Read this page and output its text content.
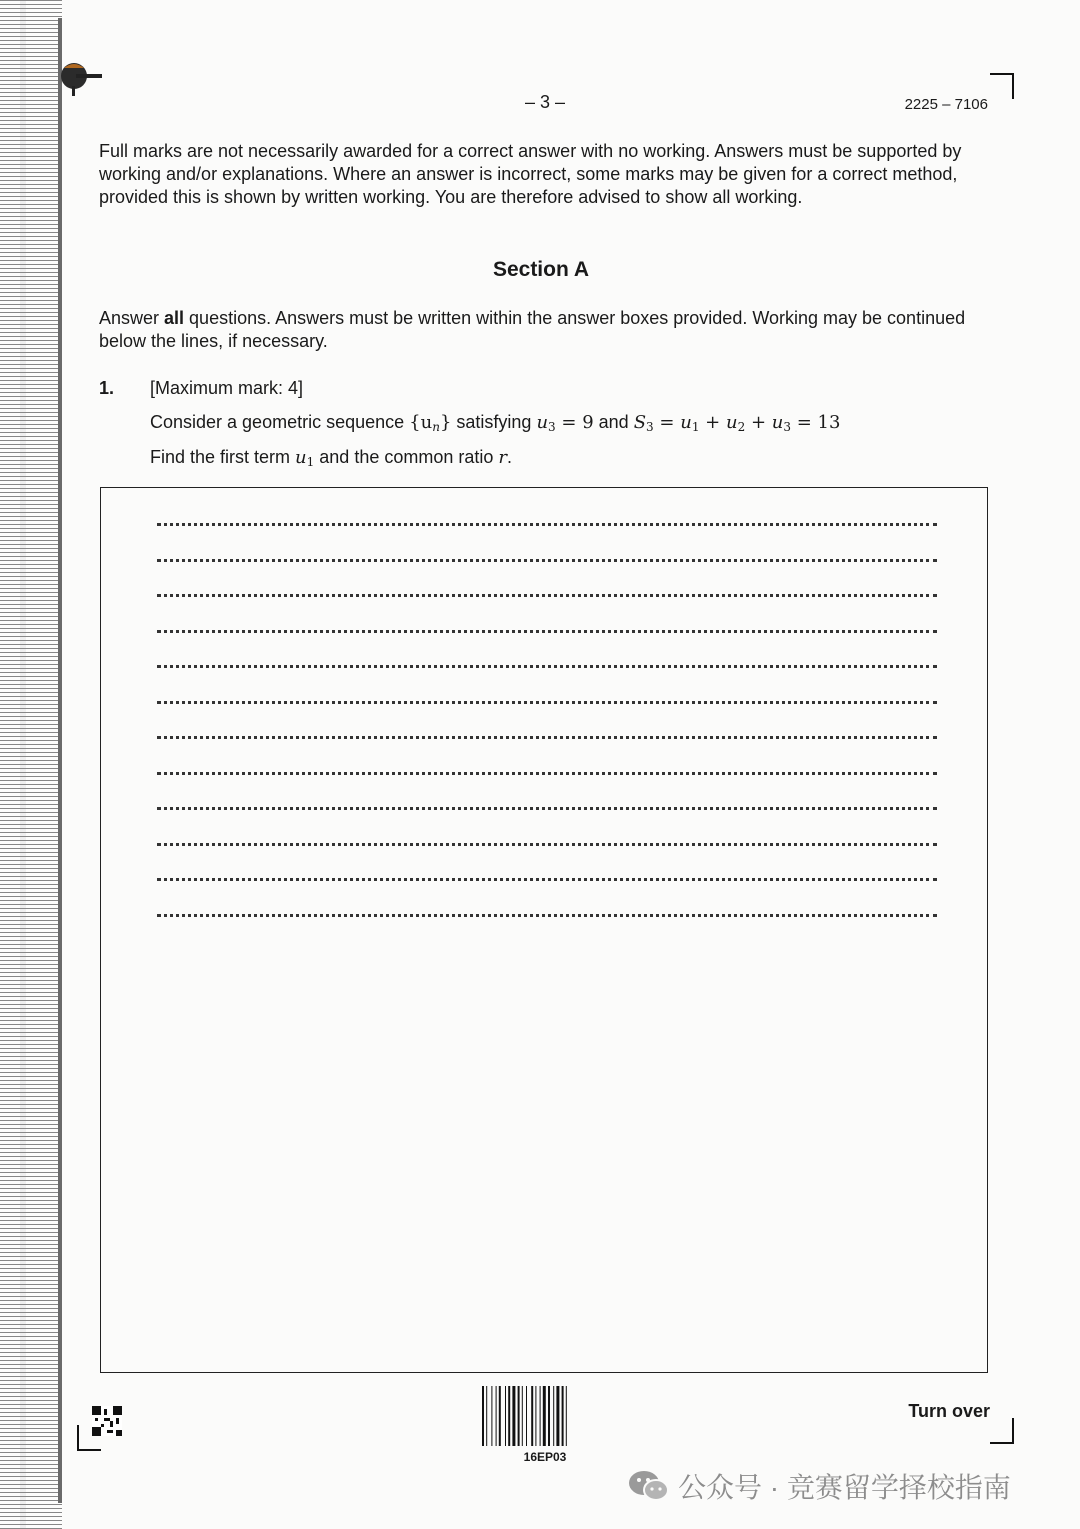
– 3 –	2225 – 7106
Full marks are not necessarily awarded for a correct answer with no working. Answers must be supported by working and/or explanations. Where an answer is incorrect, some marks may be given for a correct method, provided this is shown by written working. You are therefore advised to show all working.
Section A
Answer all questions. Answers must be written within the answer boxes provided. Working may be continued below the lines, if necessary.
1. [Maximum mark: 4]
Consider a geometric sequence $\{u_n\}$ satisfying $u_3 = 9$ and $S_3 = u_1 + u_2 + u_3 = 13$
Find the first term $u_1$ and the common ratio r.
16EP03
Turn over
公众号 · 竞赛留学择校指南
